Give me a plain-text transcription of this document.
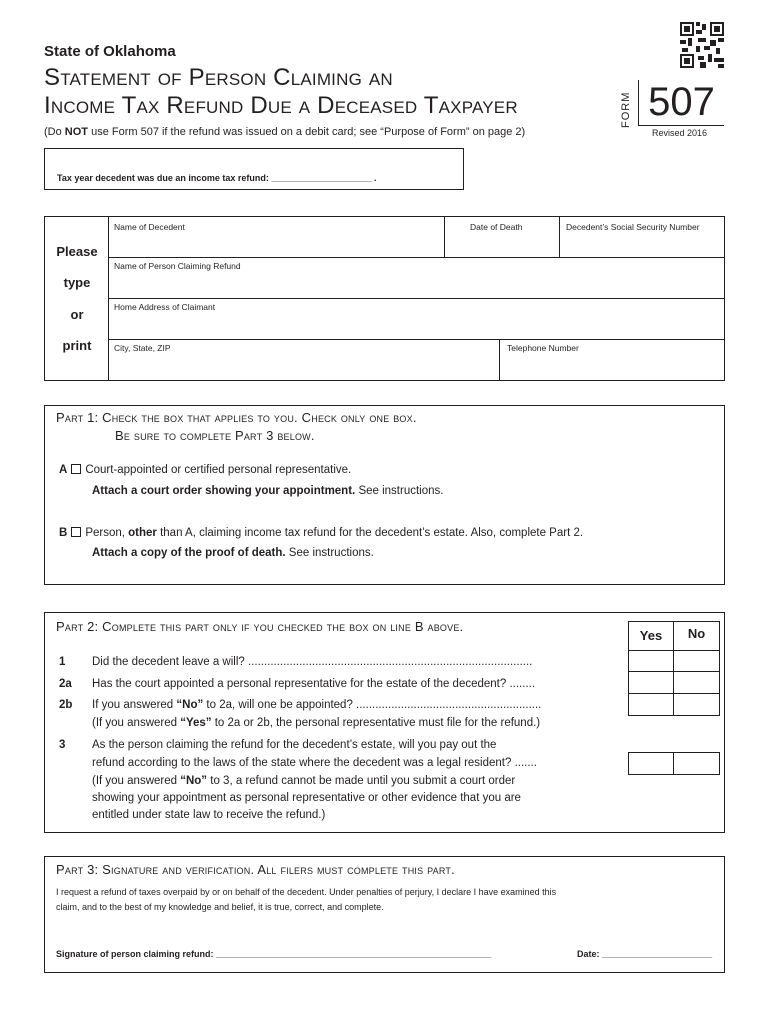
State of Oklahoma
Statement of Person Claiming an
Income Tax Refund Due a Deceased Taxpayer
(Do NOT use Form 507 if the refund was issued on a debit card; see “Purpose of Form” on page 2)
FORM 507
Revised 2016
Tax year decedent was due an income tax refund: ____________________ .
Please
type
or
print
Name of Decedent	Date of Death	Decedent’s Social Security Number
Name of Person Claiming Refund
Home Address of Claimant
City, State, ZIP	Telephone Number
Part 1: Check the box that applies to you. Check only one box.
Be sure to complete Part 3 below.
A Court-appointed or certified personal representative.
Attach a court order showing your appointment. See instructions.
B Person, other than A, claiming income tax refund for the decedent’s estate. Also, complete Part 2.
Attach a copy of the proof of death. See instructions.
Part 2: Complete this part only if you checked the box on line B above.
Yes	No
1 Did the decedent leave a will? .........................................................................................
2a Has the court appointed a personal representative for the estate of the decedent? ........
2b If you answered “No” to 2a, will one be appointed? ..........................................................
(If you answered “Yes” to 2a or 2b, the personal representative must file for the refund.)
3 As the person claiming the refund for the decedent’s estate, will you pay out the
refund according to the laws of the state where the decedent was a legal resident? .......
(If you answered “No” to 3, a refund cannot be made until you submit a court order
showing your appointment as personal representative or other evidence that you are
entitled under state law to receive the refund.)
Part 3: Signature and verification. All filers must complete this part.
I request a refund of taxes overpaid by or on behalf of the decedent. Under penalties of perjury, I declare I have examined this
claim, and to the best of my knowledge and belief, it is true, correct, and complete.
Signature of person claiming refund: _______________________________________________________	Date: ______________________
